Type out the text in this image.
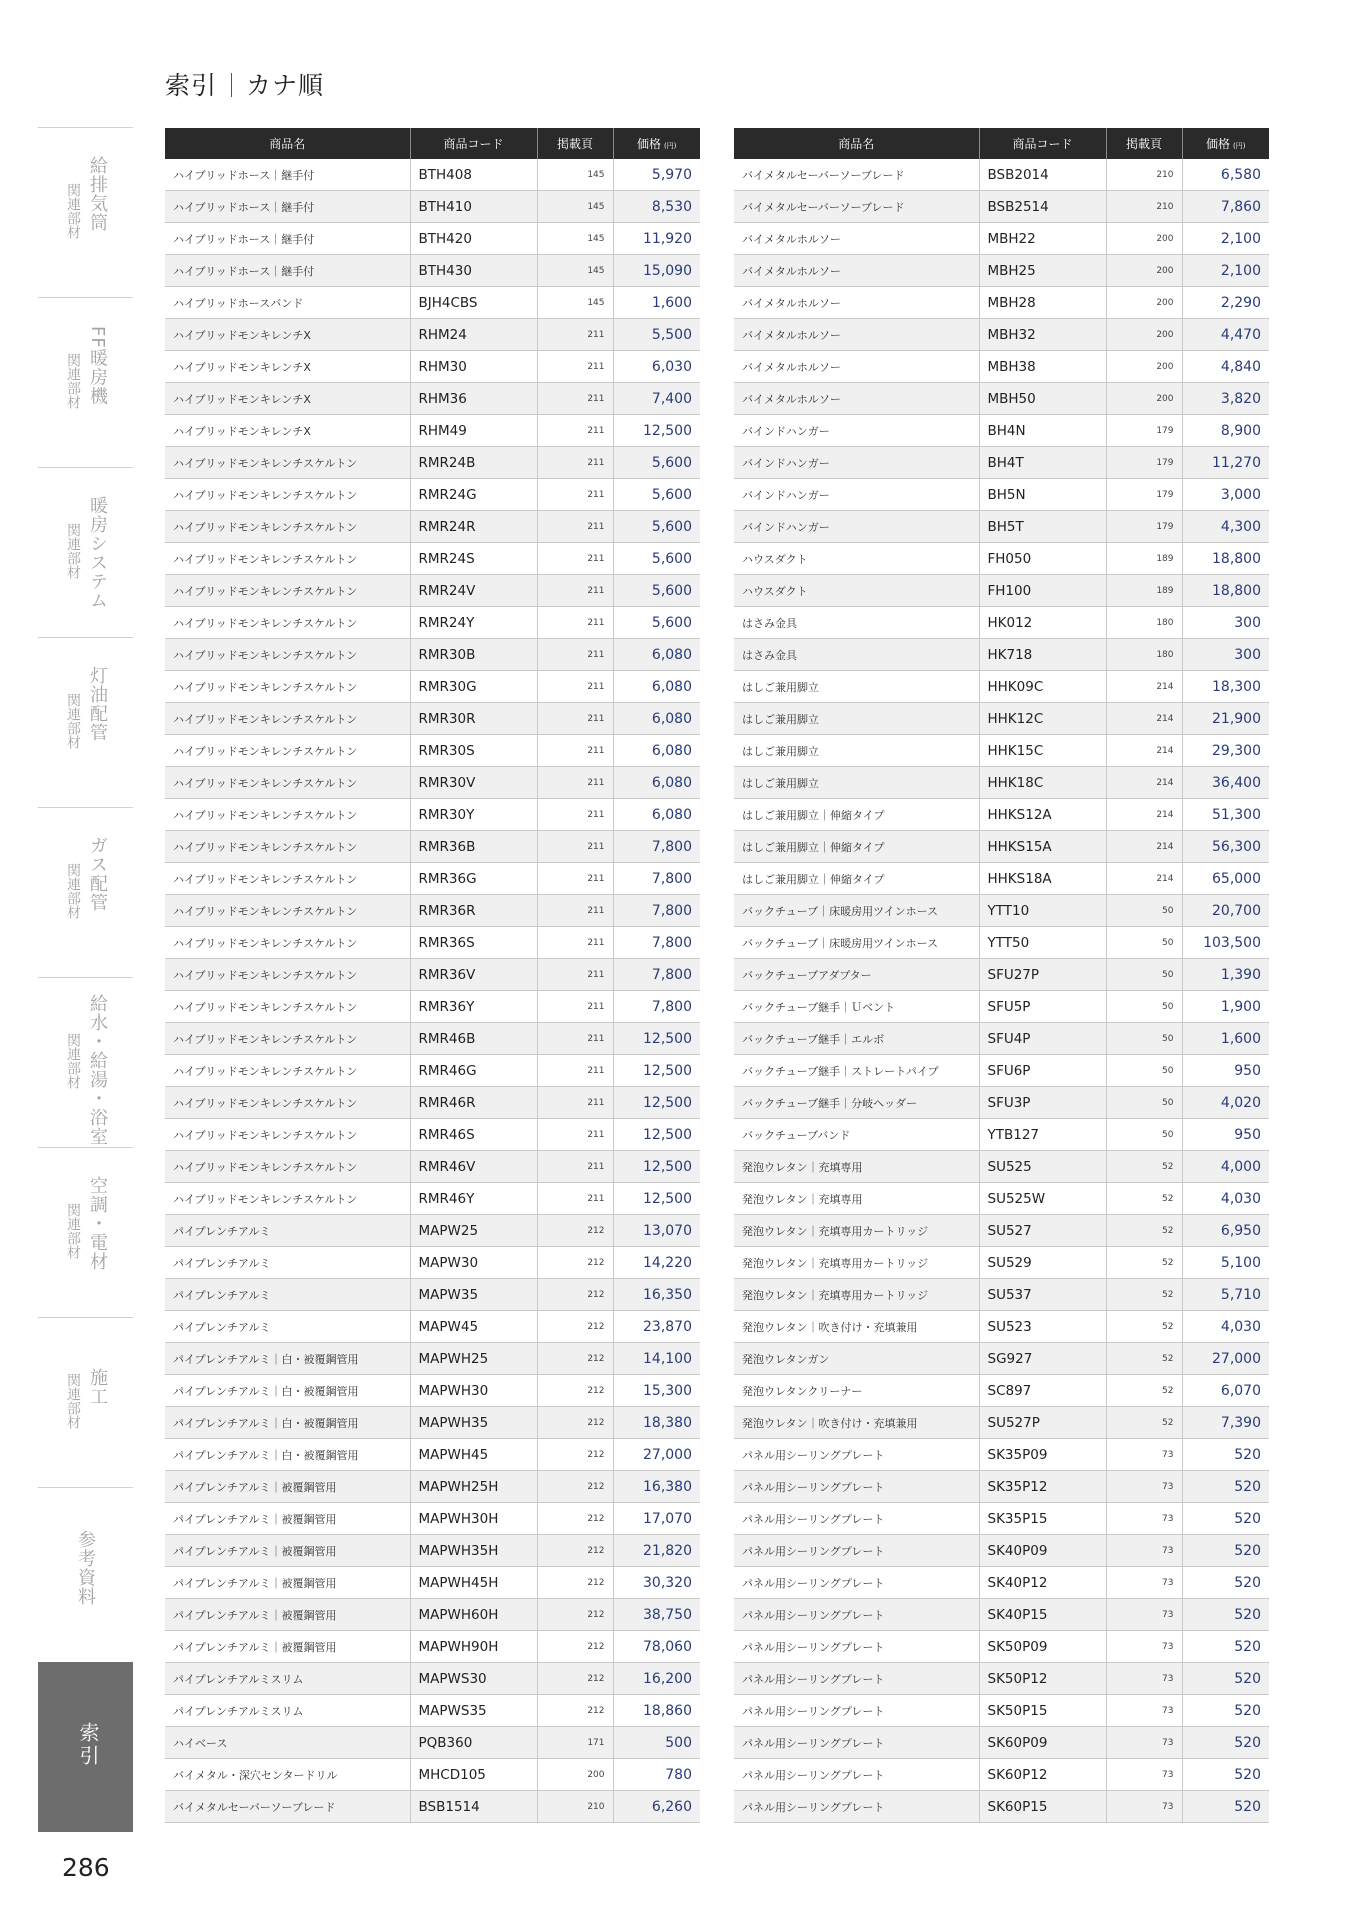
索引 カナ順
給排気筒
関連部材
FF暖房機
関連部材
暖房システム
関連部材
灯油配管
関連部材
ガス配管
関連部材
給水・給湯・浴室
関連部材
空調・電材
関連部材
施工
関連部材
参考資料
索引
286
商品名	商品コード	掲載頁	価格 (円)
ハイブリッドホース｜継手付	BTH408	145	5,970
ハイブリッドホース｜継手付	BTH410	145	8,530
ハイブリッドホース｜継手付	BTH420	145	11,920
ハイブリッドホース｜継手付	BTH430	145	15,090
ハイブリッドホースバンド	BJH4CBS	145	1,600
ハイブリッドモンキレンチⅩ	RHM24	211	5,500
ハイブリッドモンキレンチⅩ	RHM30	211	6,030
ハイブリッドモンキレンチⅩ	RHM36	211	7,400
ハイブリッドモンキレンチⅩ	RHM49	211	12,500
ハイブリッドモンキレンチスケルトン	RMR24B	211	5,600
ハイブリッドモンキレンチスケルトン	RMR24G	211	5,600
ハイブリッドモンキレンチスケルトン	RMR24R	211	5,600
ハイブリッドモンキレンチスケルトン	RMR24S	211	5,600
ハイブリッドモンキレンチスケルトン	RMR24V	211	5,600
ハイブリッドモンキレンチスケルトン	RMR24Y	211	5,600
ハイブリッドモンキレンチスケルトン	RMR30B	211	6,080
ハイブリッドモンキレンチスケルトン	RMR30G	211	6,080
ハイブリッドモンキレンチスケルトン	RMR30R	211	6,080
ハイブリッドモンキレンチスケルトン	RMR30S	211	6,080
ハイブリッドモンキレンチスケルトン	RMR30V	211	6,080
ハイブリッドモンキレンチスケルトン	RMR30Y	211	6,080
ハイブリッドモンキレンチスケルトン	RMR36B	211	7,800
ハイブリッドモンキレンチスケルトン	RMR36G	211	7,800
ハイブリッドモンキレンチスケルトン	RMR36R	211	7,800
ハイブリッドモンキレンチスケルトン	RMR36S	211	7,800
ハイブリッドモンキレンチスケルトン	RMR36V	211	7,800
ハイブリッドモンキレンチスケルトン	RMR36Y	211	7,800
ハイブリッドモンキレンチスケルトン	RMR46B	211	12,500
ハイブリッドモンキレンチスケルトン	RMR46G	211	12,500
ハイブリッドモンキレンチスケルトン	RMR46R	211	12,500
ハイブリッドモンキレンチスケルトン	RMR46S	211	12,500
ハイブリッドモンキレンチスケルトン	RMR46V	211	12,500
ハイブリッドモンキレンチスケルトン	RMR46Y	211	12,500
パイプレンチアルミ	MAPW25	212	13,070
パイプレンチアルミ	MAPW30	212	14,220
パイプレンチアルミ	MAPW35	212	16,350
パイプレンチアルミ	MAPW45	212	23,870
パイプレンチアルミ｜白・被覆鋼管用	MAPWH25	212	14,100
パイプレンチアルミ｜白・被覆鋼管用	MAPWH30	212	15,300
パイプレンチアルミ｜白・被覆鋼管用	MAPWH35	212	18,380
パイプレンチアルミ｜白・被覆鋼管用	MAPWH45	212	27,000
パイプレンチアルミ｜被覆鋼管用	MAPWH25H	212	16,380
パイプレンチアルミ｜被覆鋼管用	MAPWH30H	212	17,070
パイプレンチアルミ｜被覆鋼管用	MAPWH35H	212	21,820
パイプレンチアルミ｜被覆鋼管用	MAPWH45H	212	30,320
パイプレンチアルミ｜被覆鋼管用	MAPWH60H	212	38,750
パイプレンチアルミ｜被覆鋼管用	MAPWH90H	212	78,060
パイプレンチアルミスリム	MAPWS30	212	16,200
パイプレンチアルミスリム	MAPWS35	212	18,860
ハイベース	PQB360	171	500
バイメタル・深穴センタードリル	MHCD105	200	780
バイメタルセーバーソーブレード	BSB1514	210	6,260
商品名	商品コード	掲載頁	価格 (円)
バイメタルセーバーソーブレード	BSB2014	210	6,580
バイメタルセーバーソーブレード	BSB2514	210	7,860
バイメタルホルソー	MBH22	200	2,100
バイメタルホルソー	MBH25	200	2,100
バイメタルホルソー	MBH28	200	2,290
バイメタルホルソー	MBH32	200	4,470
バイメタルホルソー	MBH38	200	4,840
バイメタルホルソー	MBH50	200	3,820
バインドハンガー	BH4N	179	8,900
バインドハンガー	BH4T	179	11,270
バインドハンガー	BH5N	179	3,000
バインドハンガー	BH5T	179	4,300
ハウスダクト	FH050	189	18,800
ハウスダクト	FH100	189	18,800
はさみ金具	HK012	180	300
はさみ金具	HK718	180	300
はしご兼用脚立	HHK09C	214	18,300
はしご兼用脚立	HHK12C	214	21,900
はしご兼用脚立	HHK15C	214	29,300
はしご兼用脚立	HHK18C	214	36,400
はしご兼用脚立｜伸縮タイプ	HHKS12A	214	51,300
はしご兼用脚立｜伸縮タイプ	HHKS15A	214	56,300
はしご兼用脚立｜伸縮タイプ	HHKS18A	214	65,000
バックチューブ｜床暖房用ツインホース	YTT10	50	20,700
バックチューブ｜床暖房用ツインホース	YTT50	50	103,500
バックチューブアダプター	SFU27P	50	1,390
バックチューブ継手｜Ｕベント	SFU5P	50	1,900
バックチューブ継手｜エルボ	SFU4P	50	1,600
バックチューブ継手｜ストレートパイプ	SFU6P	50	950
バックチューブ継手｜分岐ヘッダー	SFU3P	50	4,020
バックチューブバンド	YTB127	50	950
発泡ウレタン｜充填専用	SU525	52	4,000
発泡ウレタン｜充填専用	SU525W	52	4,030
発泡ウレタン｜充填専用カートリッジ	SU527	52	6,950
発泡ウレタン｜充填専用カートリッジ	SU529	52	5,100
発泡ウレタン｜充填専用カートリッジ	SU537	52	5,710
発泡ウレタン｜吹き付け・充填兼用	SU523	52	4,030
発泡ウレタンガン	SG927	52	27,000
発泡ウレタンクリーナー	SC897	52	6,070
発泡ウレタン｜吹き付け・充填兼用	SU527P	52	7,390
パネル用シーリングプレート	SK35P09	73	520
パネル用シーリングプレート	SK35P12	73	520
パネル用シーリングプレート	SK35P15	73	520
パネル用シーリングプレート	SK40P09	73	520
パネル用シーリングプレート	SK40P12	73	520
パネル用シーリングプレート	SK40P15	73	520
パネル用シーリングプレート	SK50P09	73	520
パネル用シーリングプレート	SK50P12	73	520
パネル用シーリングプレート	SK50P15	73	520
パネル用シーリングプレート	SK60P09	73	520
パネル用シーリングプレート	SK60P12	73	520
パネル用シーリングプレート	SK60P15	73	520
